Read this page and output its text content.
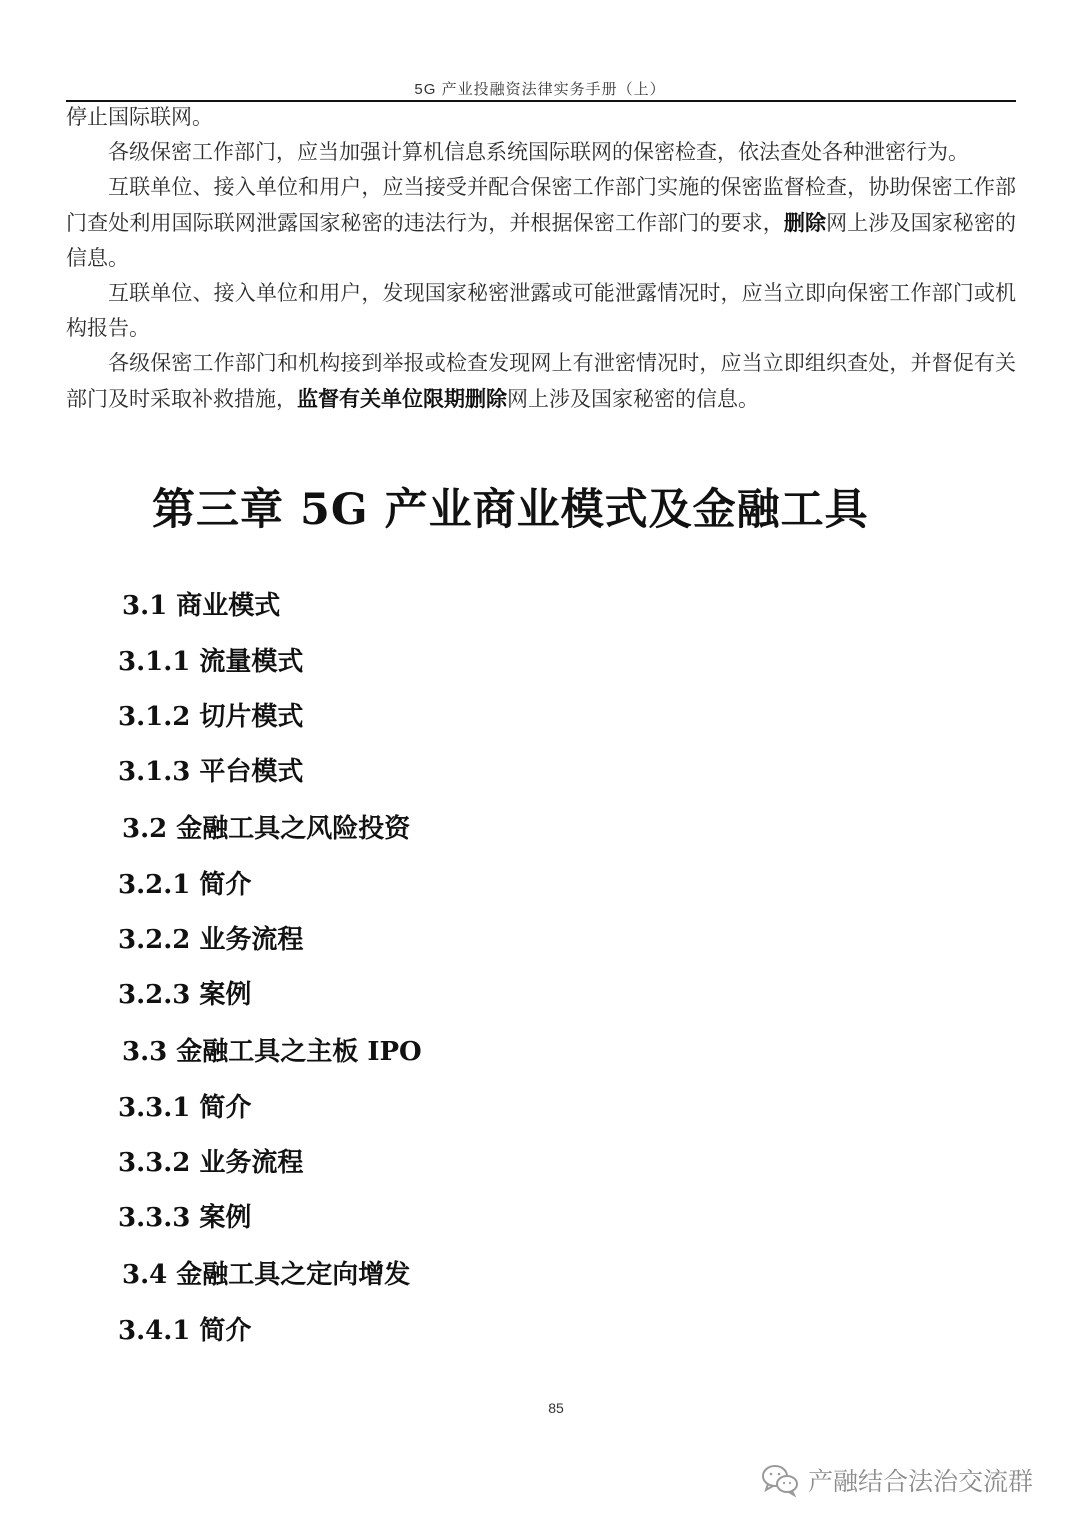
5G 产业投融资法律实务手册（上）

停止国际联网。

各级保密工作部门，应当加强计算机信息系统国际联网的保密检查，依法查处各种泄密行为。

互联单位、接入单位和用户，应当接受并配合保密工作部门实施的保密监督检查，协助保密工作部门查处利用国际联网泄露国家秘密的违法行为，并根据保密工作部门的要求，删除网上涉及国家秘密的信息。

互联单位、接入单位和用户，发现国家秘密泄露或可能泄露情况时，应当立即向保密工作部门或机构报告。

各级保密工作部门和机构接到举报或检查发现网上有泄密情况时，应当立即组织查处，并督促有关部门及时采取补救措施，监督有关单位限期删除网上涉及国家秘密的信息。

第三章 5G 产业商业模式及金融工具
3.1 商业模式
3.1.1 流量模式
3.1.2 切片模式
3.1.3 平台模式
3.2 金融工具之风险投资
3.2.1 简介
3.2.2 业务流程
3.2.3 案例
3.3 金融工具之主板 IPO
3.3.1 简介
3.3.2 业务流程
3.3.3 案例
3.4 金融工具之定向增发
3.4.1 简介
85
产融结合法治交流群
